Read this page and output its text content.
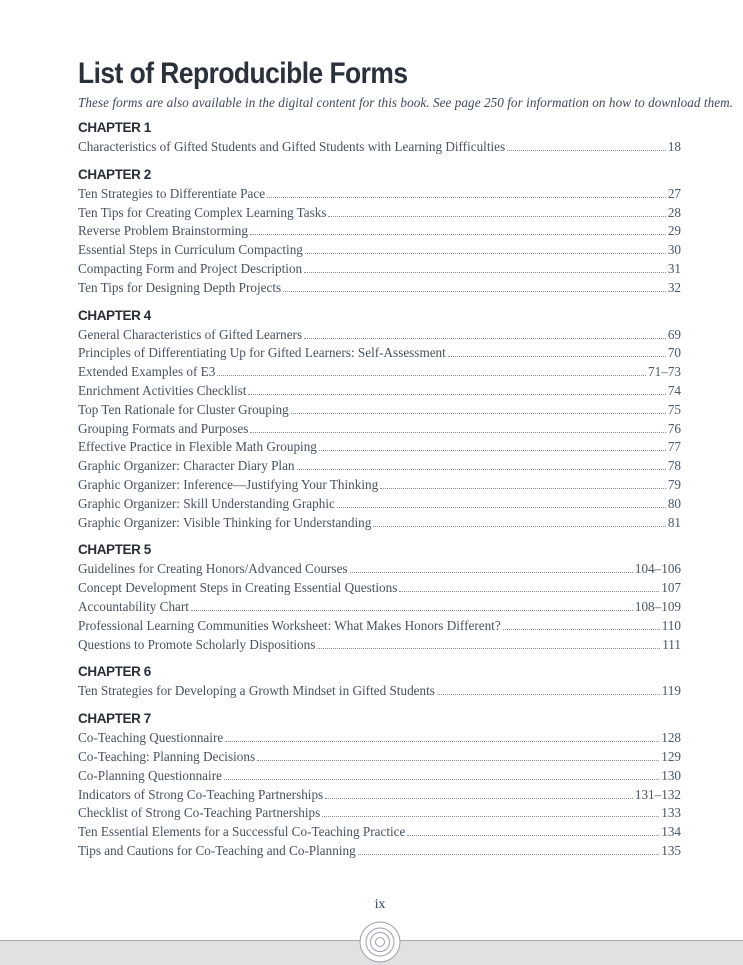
List of Reproducible Forms

These forms are also available in the digital content for this book. See page 250 for information on how to download them.

CHAPTER 1
Characteristics of Gifted Students and Gifted Students with Learning Difficulties	18
CHAPTER 2
Ten Strategies to Differentiate Pace	27
Ten Tips for Creating Complex Learning Tasks	28
Reverse Problem Brainstorming	29
Essential Steps in Curriculum Compacting	30
Compacting Form and Project Description	31
Ten Tips for Designing Depth Projects	32
CHAPTER 4
General Characteristics of Gifted Learners	69
Principles of Differentiating Up for Gifted Learners: Self-Assessment	70
Extended Examples of E3	71–73
Enrichment Activities Checklist	74
Top Ten Rationale for Cluster Grouping	75
Grouping Formats and Purposes	76
Effective Practice in Flexible Math Grouping	77
Graphic Organizer: Character Diary Plan	78
Graphic Organizer: Inference—Justifying Your Thinking	79
Graphic Organizer: Skill Understanding Graphic	80
Graphic Organizer: Visible Thinking for Understanding	81
CHAPTER 5
Guidelines for Creating Honors/Advanced Courses	104–106
Concept Development Steps in Creating Essential Questions	107
Accountability Chart	108–109
Professional Learning Communities Worksheet: What Makes Honors Different?	110
Questions to Promote Scholarly Dispositions	111
CHAPTER 6
Ten Strategies for Developing a Growth Mindset in Gifted Students	119
CHAPTER 7
Co-Teaching Questionnaire	128
Co-Teaching: Planning Decisions	129
Co-Planning Questionnaire	130
Indicators of Strong Co-Teaching Partnerships	131–132
Checklist of Strong Co-Teaching Partnerships	133
Ten Essential Elements for a Successful Co-Teaching Practice	134
Tips and Cautions for Co-Teaching and Co-Planning	135
ix
